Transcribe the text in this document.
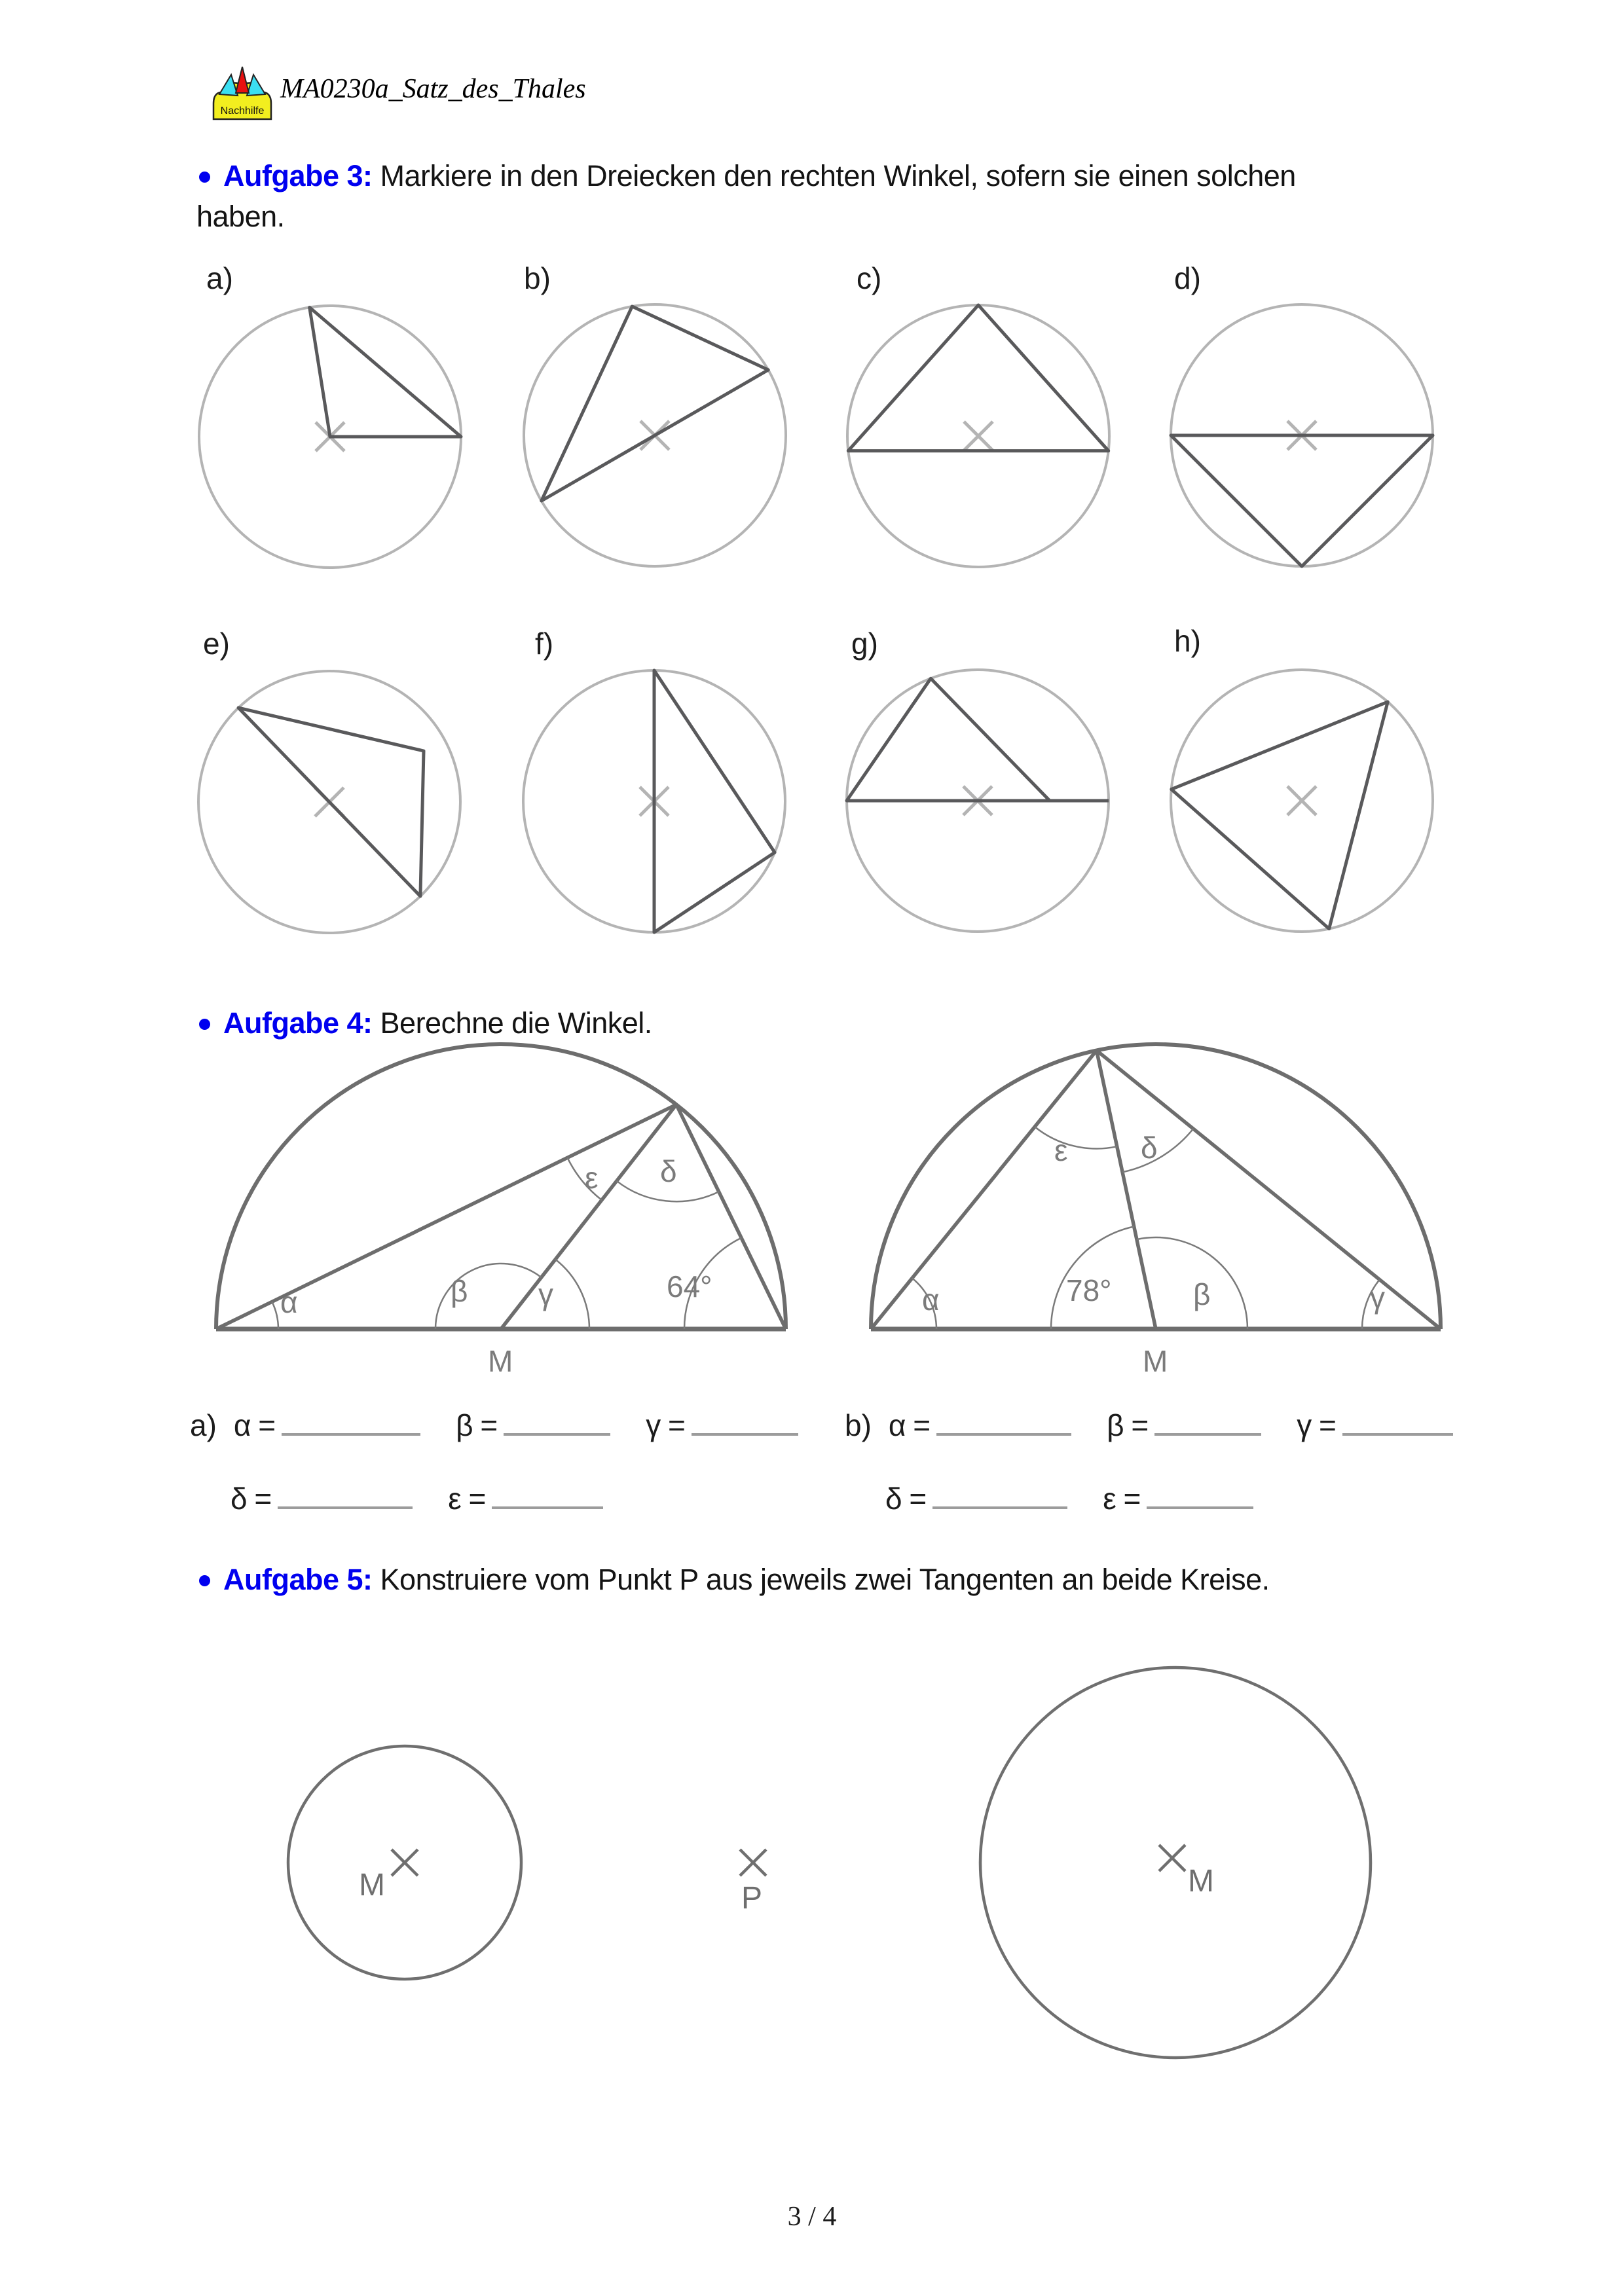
Nachhilfe
MA0230a_Satz_des_Thales
Aufgabe 3: Markiere in den Dreiecken den rechten Winkel, sofern sie einen solchen
haben.
Aufgabe 4: Berechne die Winkel.
Aufgabe 5: Konstruiere vom Punkt P aus jeweils zwei Tangenten an beide Kreise.
a)	b)	c)	d)
e)	f)	g)	h)
α	β γ	64°
ε δ
M
α	78°	β	γ
ε δ
M
M	P	M
a) α =	β =	γ =	b) α =	β =	γ =
δ =	ε =	δ =	ε =
3 / 4
